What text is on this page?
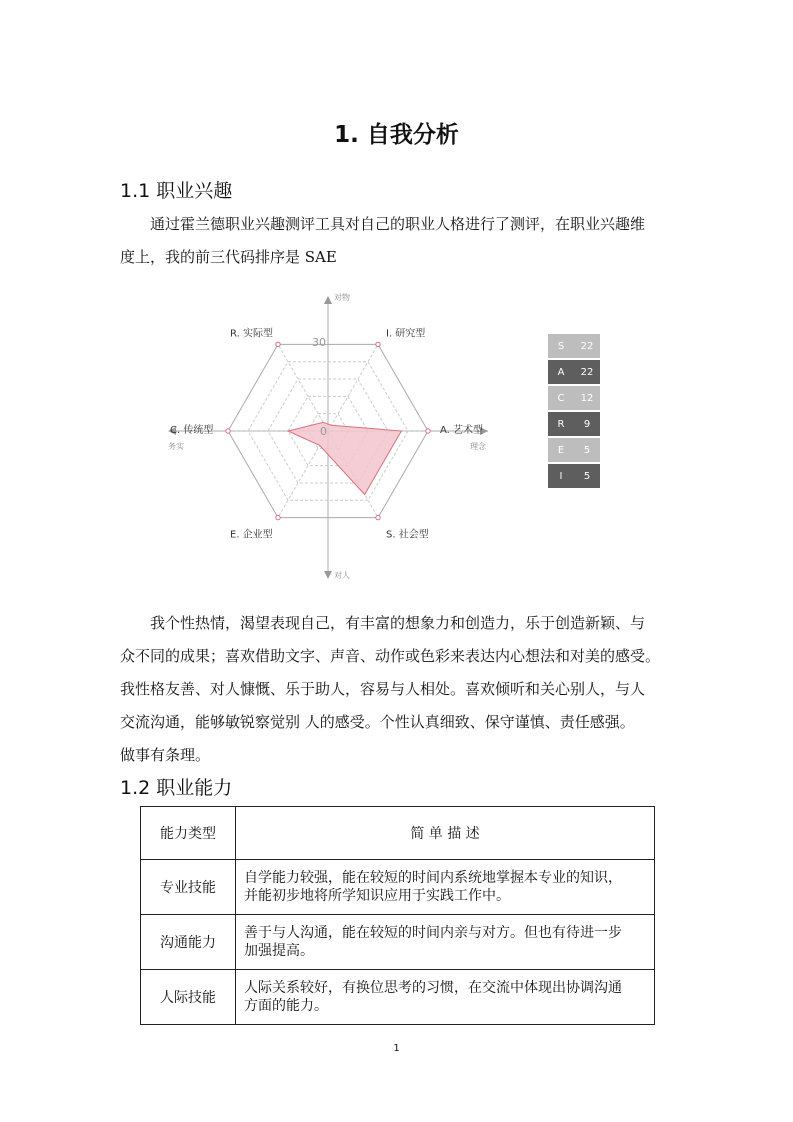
1. 自我分析
1.1 职业兴趣
通过霍兰德职业兴趣测评工具对自己的职业人格进行了测评，在职业兴趣维
度上，我的前三代码排序是 SAE
R. 实际型	I. 研究型
A. 艺术型
S. 社会型
E. 企业型
C. 传统型
30
0
对物
对人
务实	理念
S	22
A	22
C	12
R	9
E	5
I	5
我个性热情，渴望表现自己，有丰富的想象力和创造力，乐于创造新颖、与
众不同的成果；喜欢借助文字、声音、动作或色彩来表达内心想法和对美的感受。
我性格友善、对人慷慨、乐于助人，容易与人相处。喜欢倾听和关心别人，与人
交流沟通，能够敏锐察觉别 人的感受。个性认真细致、保守谨慎、责任感强。
做事有条理。
1.2 职业能力
能力类型	简 单 描 述
专业技能	自学能力较强，能在较短的时间内系统地掌握本专业的知识，
并能初步地将所学知识应用于实践工作中。

沟通能力	善于与人沟通，能在较短的时间内亲与对方。但也有待进一步
加强提高。

人际技能	人际关系较好，有换位思考的习惯，在交流中体现出协调沟通
方面的能力。
1
